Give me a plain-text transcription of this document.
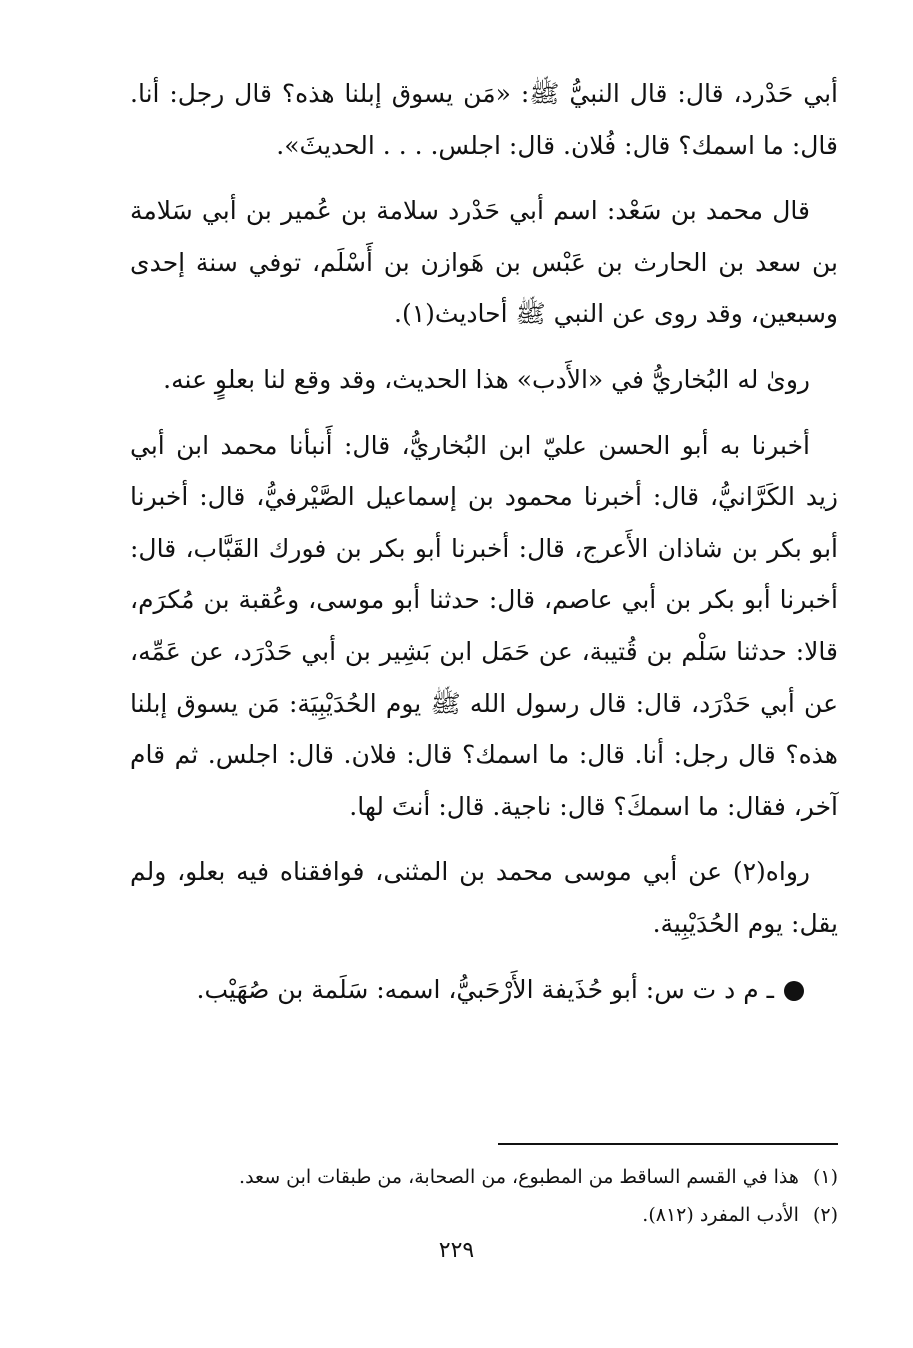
أبي حَدْرد، قال: قال النبيُّ ﷺ: «مَن يسوق إبلنا هذه؟ قال رجل: أنا. قال: ما اسمك؟ قال: فُلان. قال: اجلس. . . . الحديثَ».

قال محمد بن سَعْد: اسم أبي حَدْرد سلامة بن عُمير بن أبي سَلامة بن سعد بن الحارث بن عَبْس بن هَوازن بن أَسْلَم، توفي سنة إحدى وسبعين، وقد روى عن النبي ﷺ أحاديث(١).

روىٰ له البُخاريُّ في «الأَدب» هذا الحديث، وقد وقع لنا بعلوٍ عنه.

أخبرنا به أبو الحسن عليّ ابن البُخاريُّ، قال: أَنبأنا محمد ابن أبي زيد الكَرَّانيُّ، قال: أخبرنا محمود بن إسماعيل الصَّيْرفيُّ، قال: أخبرنا أبو بكر بن شاذان الأَعرج، قال: أخبرنا أبو بكر بن فورك القَبَّاب، قال: أخبرنا أبو بكر بن أبي عاصم، قال: حدثنا أبو موسى، وعُقبة بن مُكرَم، قالا: حدثنا سَلْم بن قُتيبة، عن حَمَل ابن بَشِير بن أبي حَدْرَد، عن عَمِّه، عن أبي حَدْرَد، قال: قال رسول الله ﷺ يوم الحُدَيْبِيَة: مَن يسوق إبلنا هذه؟ قال رجل: أنا. قال: ما اسمك؟ قال: فلان. قال: اجلس. ثم قام آخر، فقال: ما اسمكَ؟ قال: ناجية. قال: أنتَ لها.

رواه(٢) عن أبي موسى محمد بن المثنى، فوافقناه فيه بعلو، ولم يقل: يوم الحُدَيْبِية.

ـ م د ت س: أبو حُذَيفة الأَرْحَبيُّ، اسمه: سَلَمة بن صُهَيْب.

(١)هذا في القسم الساقط من المطبوع، من الصحابة، من طبقات ابن سعد.

(٢)الأدب المفرد (٨١٢).

٢٢٩
